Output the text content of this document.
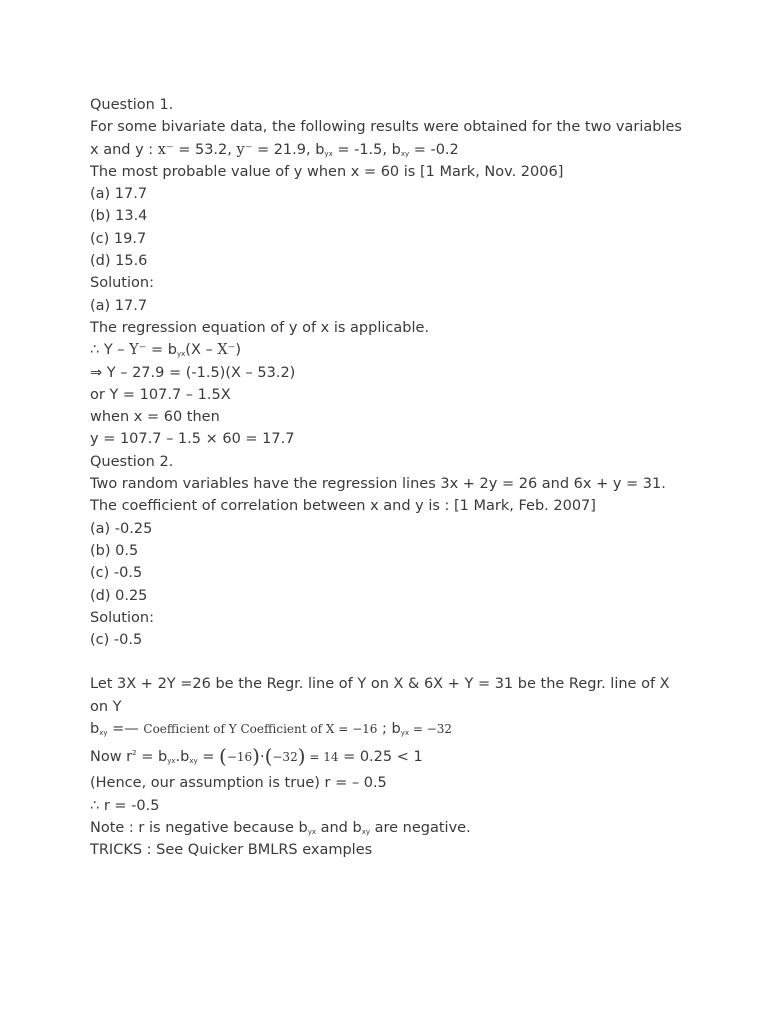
Question 1.
For some bivariate data, the following results were obtained for the two variables
x and y : x⁻ = 53.2, y⁻ = 21.9, $b_{yx} = -1.5$, $b_{xy} = -0.2$
The most probable value of y when x = 60 is [1 Mark, Nov. 2006]
(a) 17.7
(b) 13.4
(c) 19.7
(d) 15.6
Solution:
(a) 17.7
The regression equation of y of x is applicable.
∴ $Y - Y^- = b_{yx}(X - X^-)$
⇒ Y – 27.9 = (-1.5)(X – 53.2)
or Y = 107.7 – 1.5X
when x = 60 then
y = 107.7 – 1.5 × 60 = 17.7
Question 2.
Two random variables have the regression lines 3x + 2y = 26 and 6x + y = 31.
The coefficient of correlation between x and y is : [1 Mark, Feb. 2007]
(a) -0.25
(b) 0.5
(c) -0.5
(d) 0.25
Solution:
(c) -0.5
Let 3X + 2Y =26 be the Regr. line of Y on X & 6X + Y = 31 be the Regr. line of X on Y
$b_{xy}$ =— Coefficient of Y Coefficient of X = −16 ; $b_{yx} = -32$
Now $r^2 = b_{yx}.b_{xy} = (-16)\cdot(-32) = 14 = 0.25 < 1$
(Hence, our assumption is true) r = – 0.5
∴ r = -0.5
Note : r is negative because $b_{yx}$ and $b_{xy}$ are negative.
TRICKS : See Quicker BMLRS examples
